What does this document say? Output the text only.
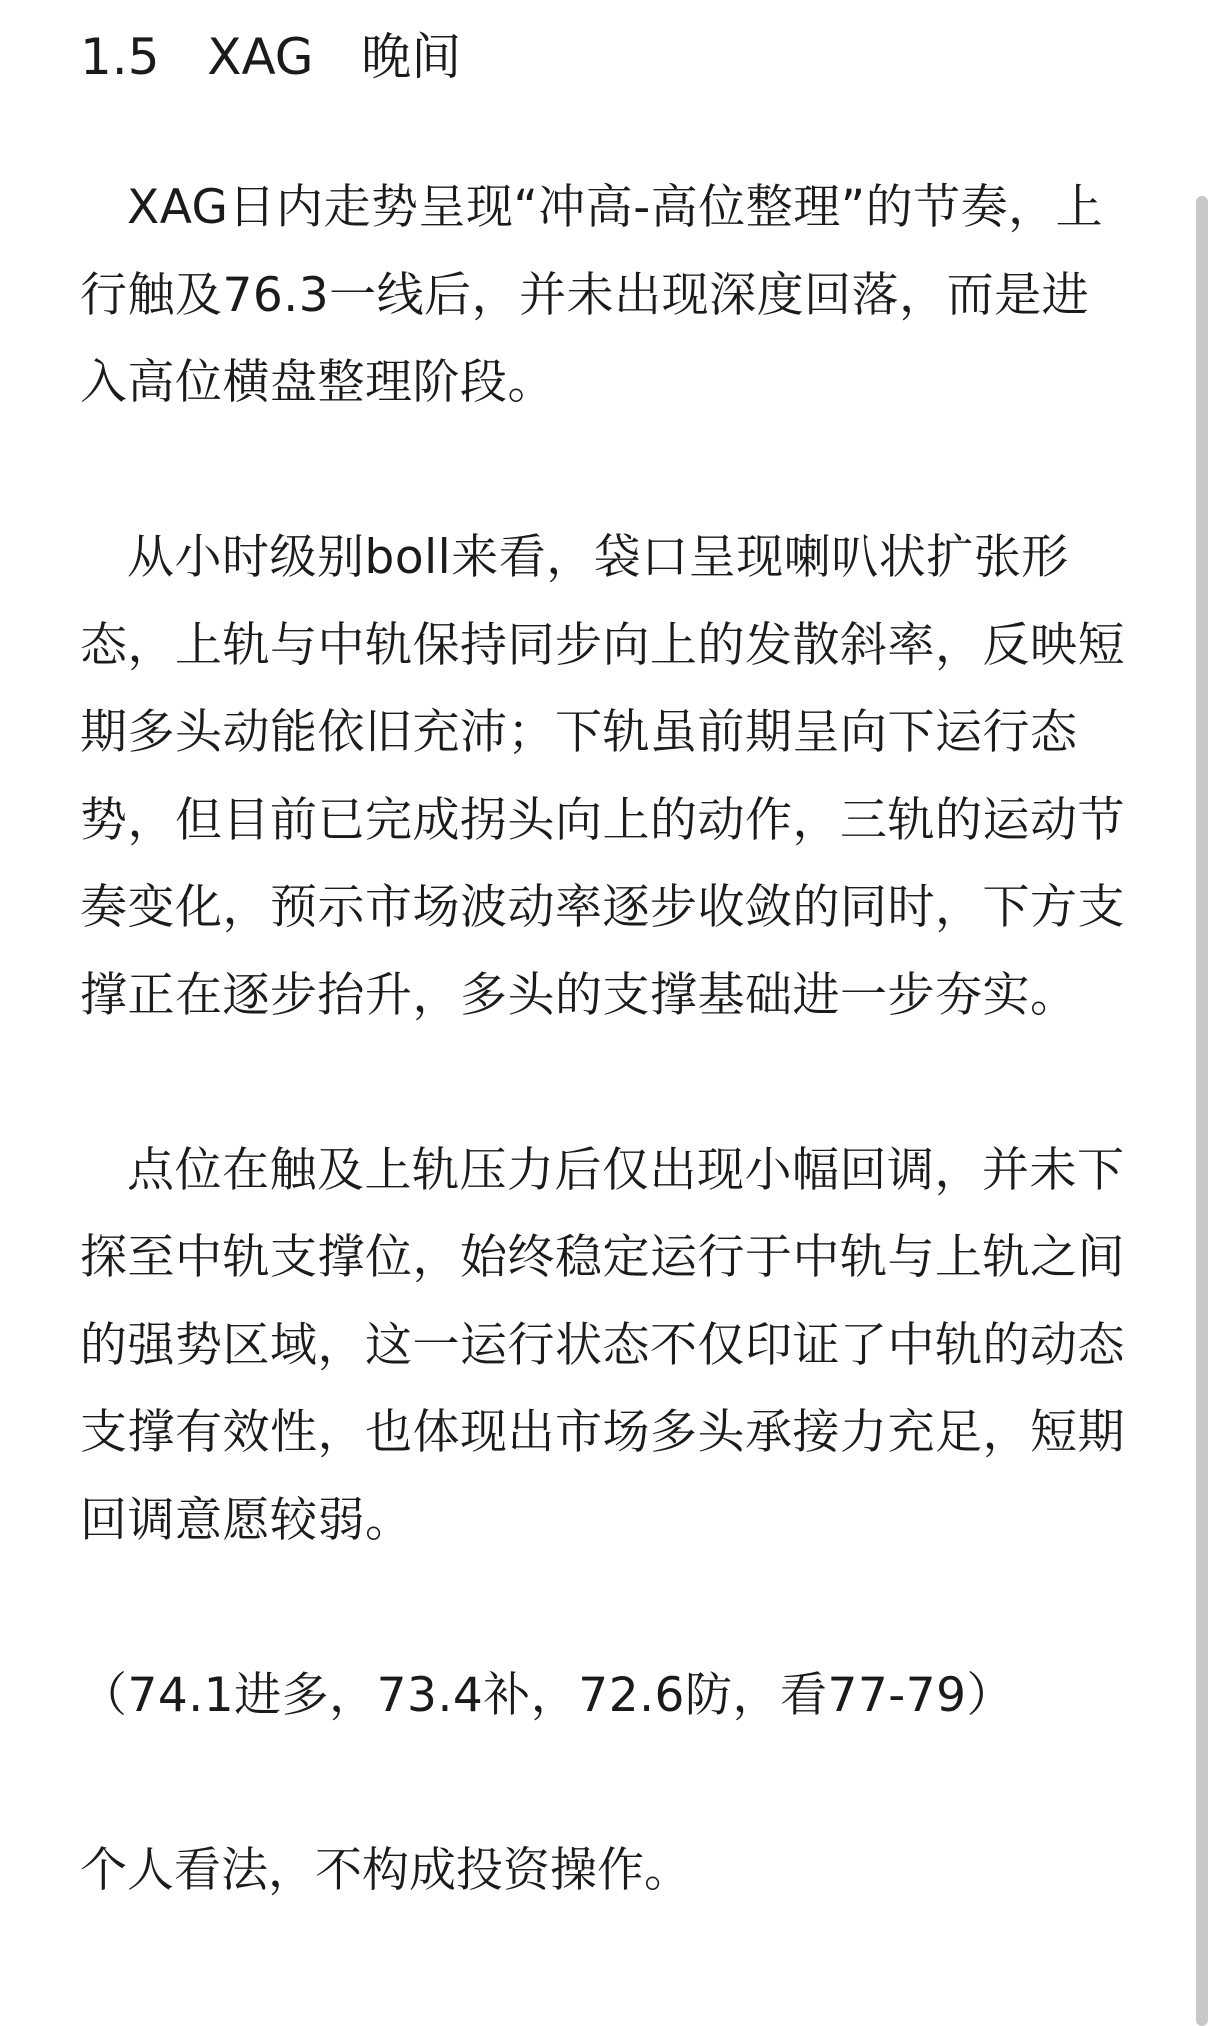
1.5   XAG   晚间

XAG日内走势呈现“冲高-高位整理”的节奏，上行触及76.3一线后，并未出现深度回落，而是进入高位横盘整理阶段。

从小时级别boll来看，袋口呈现喇叭状扩张形态，上轨与中轨保持同步向上的发散斜率，反映短期多头动能依旧充沛；下轨虽前期呈向下运行态势，但目前已完成拐头向上的动作，三轨的运动节奏变化，预示市场波动率逐步收敛的同时，下方支撑正在逐步抬升，多头的支撑基础进一步夯实。

点位在触及上轨压力后仅出现小幅回调，并未下探至中轨支撑位，始终稳定运行于中轨与上轨之间的强势区域，这一运行状态不仅印证了中轨的动态支撑有效性，也体现出市场多头承接力充足，短期回调意愿较弱。

（74.1进多，73.4补，72.6防，看77-79）

个人看法，不构成投资操作。
